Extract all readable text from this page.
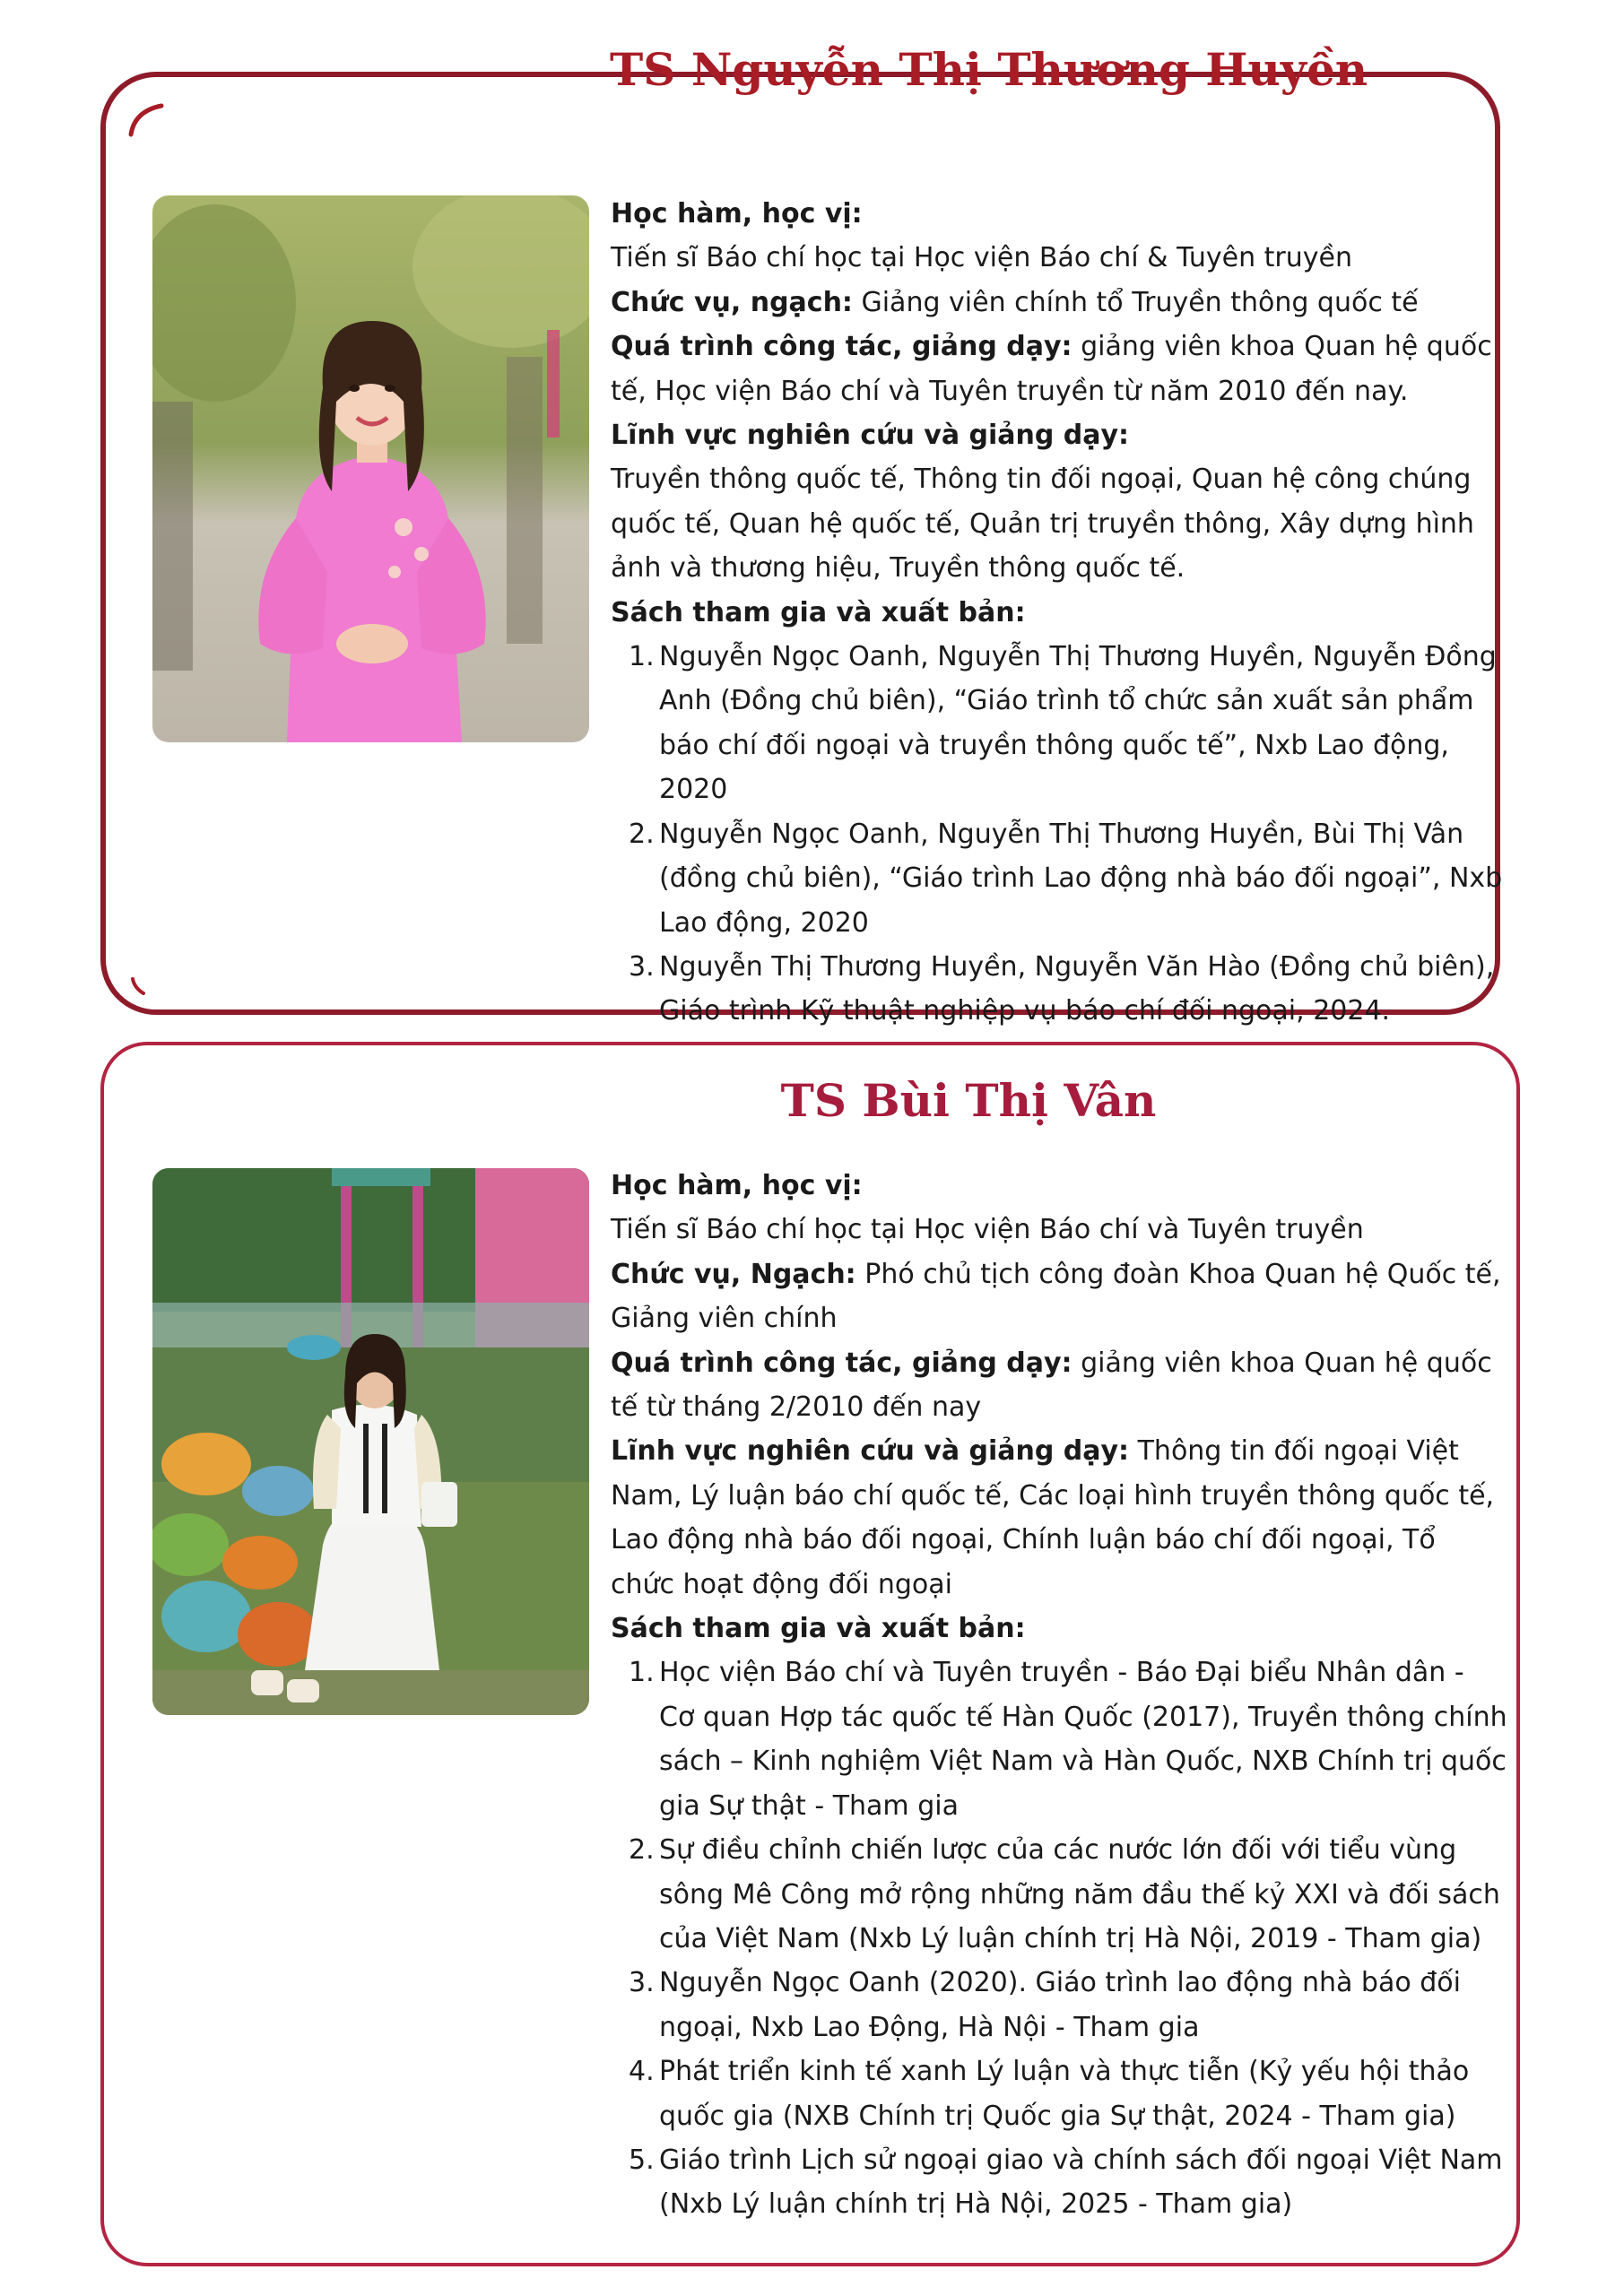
TS Nguyễn Thị Thương Huyền

Học hàm, học vị:

Tiến sĩ Báo chí học tại Học viện Báo chí & Tuyên truyền

Chức vụ, ngạch: Giảng viên chính tổ Truyền thông quốc tế

Quá trình công tác, giảng dạy: giảng viên khoa Quan hệ quốc tế, Học viện Báo chí và Tuyên truyền từ năm 2010 đến nay.

Lĩnh vực nghiên cứu và giảng dạy:

Truyền thông quốc tế, Thông tin đối ngoại, Quan hệ công chúng quốc tế, Quan hệ quốc tế, Quản trị truyền thông, Xây dựng hình ảnh và thương hiệu, Truyền thông quốc tế.

Sách tham gia và xuất bản:

1. Nguyễn Ngọc Oanh, Nguyễn Thị Thương Huyền, Nguyễn Đồng Anh (Đồng chủ biên), “Giáo trình tổ chức sản xuất sản phẩm báo chí đối ngoại và truyền thông quốc tế”, Nxb Lao động, 2020
2. Nguyễn Ngọc Oanh, Nguyễn Thị Thương Huyền, Bùi Thị Vân (đồng chủ biên), “Giáo trình Lao động nhà báo đối ngoại”, Nxb Lao động, 2020
3. Nguyễn Thị Thương Huyền, Nguyễn Văn Hào (Đồng chủ biên), Giáo trình Kỹ thuật nghiệp vụ báo chí đối ngoại, 2024.
TS Bùi Thị Vân

Học hàm, học vị:

Tiến sĩ Báo chí học tại Học viện Báo chí và Tuyên truyền

Chức vụ, Ngạch: Phó chủ tịch công đoàn Khoa Quan hệ Quốc tế, Giảng viên chính

Quá trình công tác, giảng dạy: giảng viên khoa Quan hệ quốc tế từ tháng 2/2010 đến nay

Lĩnh vực nghiên cứu và giảng dạy: Thông tin đối ngoại Việt Nam, Lý luận báo chí quốc tế, Các loại hình truyền thông quốc tế, Lao động nhà báo đối ngoại, Chính luận báo chí đối ngoại, Tổ chức hoạt động đối ngoại

Sách tham gia và xuất bản:

1. Học viện Báo chí và Tuyên truyền - Báo Đại biểu Nhân dân - Cơ quan Hợp tác quốc tế Hàn Quốc (2017), Truyền thông chính sách – Kinh nghiệm Việt Nam và Hàn Quốc, NXB Chính trị quốc gia Sự thật - Tham gia
2. Sự điều chỉnh chiến lược của các nước lớn đối với tiểu vùng sông Mê Công mở rộng những năm đầu thế kỷ XXI và đối sách của Việt Nam (Nxb Lý luận chính trị Hà Nội, 2019 - Tham gia)
3. Nguyễn Ngọc Oanh (2020). Giáo trình lao động nhà báo đối ngoại, Nxb Lao Động, Hà Nội - Tham gia
4. Phát triển kinh tế xanh Lý luận và thực tiễn (Kỷ yếu hội thảo quốc gia (NXB Chính trị Quốc gia Sự thật, 2024 - Tham gia)
5. Giáo trình Lịch sử ngoại giao và chính sách đối ngoại Việt Nam (Nxb Lý luận chính trị Hà Nội, 2025 - Tham gia)
